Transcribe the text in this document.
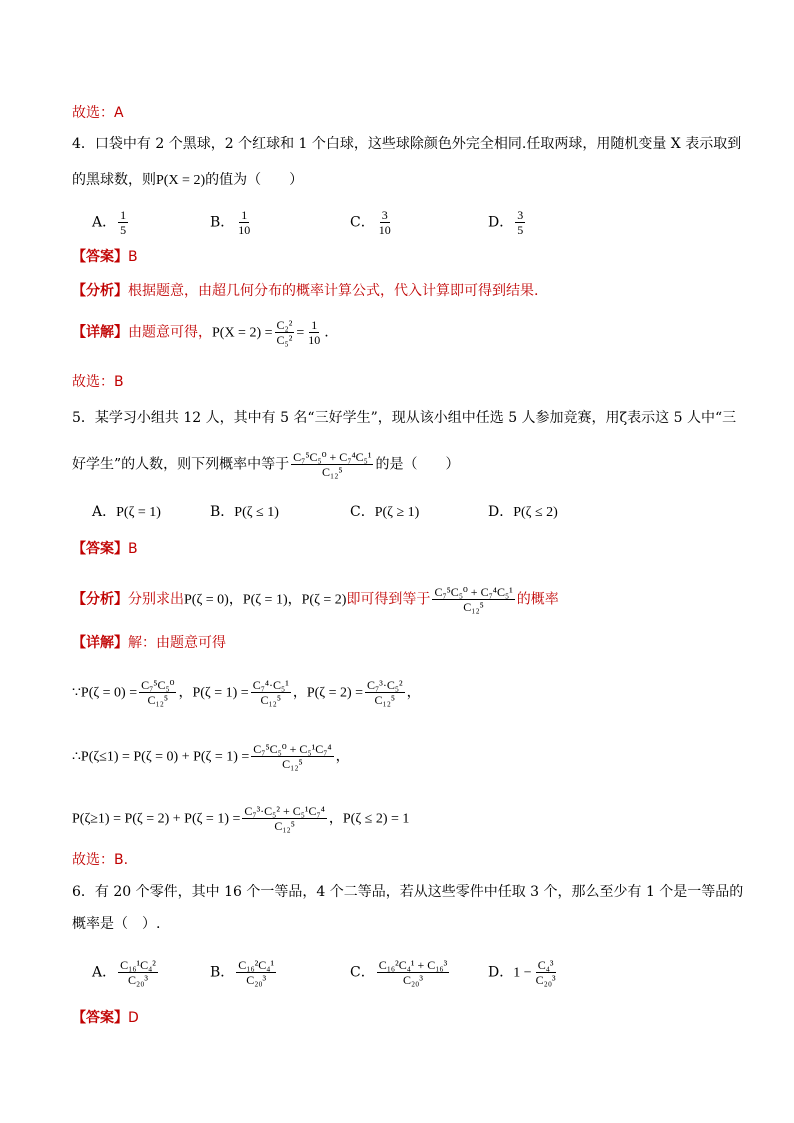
故选：A
4．口袋中有 2 个黑球，2 个红球和 1 个白球，这些球除颜色外完全相同.任取两球，用随机变量 X 表示取到
的黑球数，则P(X = 2)的值为（　　）
A． $\frac{1}{5}$	B． $\frac{1}{10}$	C． $\frac{3}{10}$	D． $\frac{3}{5}$
【答案】B
【分析】根据题意，由超几何分布的概率计算公式，代入计算即可得到结果.
【详解】由题意可得，$P(X = 2) = \frac{\text{C₂²}}{\text{C₅²}} = \frac{1}{10}$ .
故选：B
5．某学习小组共 12 人，其中有 5 名“三好学生”，现从该小组中任选 5 人参加竞赛，用ζ表示这 5 人中“三
好学生”的人数，则下列概率中等于 $\frac{\text{C₇⁵C₅⁰ + C₇⁴C₅¹}}{\text{C₁₂⁵}}$ 的是（　　）
A．P(ζ = 1)	B．P(ζ ≤ 1)	C．P(ζ ≥ 1)	D．P(ζ ≤ 2)
【答案】B
【分析】分别求出P(ζ = 0)，P(ζ = 1)，P(ζ = 2)即可得到等于 $\frac{\text{C₇⁵C₅⁰ + C₇⁴C₅¹}}{\text{C₁₂⁵}}$ 的概率
【详解】解：由题意可得
∵P(ζ = $0) = \frac{\text{C₇⁵C₅⁰}}{\text{C₁₂⁵}}$ ，$P(\zeta = 1) = \frac{\text{C₇⁴·C₅¹}}{\text{C₁₂⁵}}$ ，$P(\zeta = 2) = \frac{\text{C₇³·C₅²}}{\text{C₁₂⁵}}$ ，
∴P(ζ≤1) = $P(\zeta = 0) + P(\zeta = 1) = \frac{\text{C₇⁵C₅⁰ + C₅¹C₇⁴}}{\text{C₁₂⁵}}$ ，
$P(\zeta\ge 1) = P(\zeta = 2) + P(\zeta = 1) = \frac{\text{C₇³·C₅² + C₅¹C₇⁴}}{\text{C₁₂⁵}}$ ，P(ζ ≤ 2) = 1
故选：B.
6．有 20 个零件，其中 16 个一等品，4 个二等品，若从这些零件中任取 3 个，那么至少有 1 个是一等品的
概率是（　）.
A． $\frac{\text{C₁₆¹C₄²}}{\text{C₂₀³}}$	B． $\frac{\text{C₁₆²C₄¹}}{\text{C₂₀³}}$	C． $\frac{\text{C₁₆²C₄¹ + C₁₆³}}{\text{C₂₀³}}$	D．$1 - \frac{\text{C₄³}}{\text{C₂₀³}}$
【答案】D
